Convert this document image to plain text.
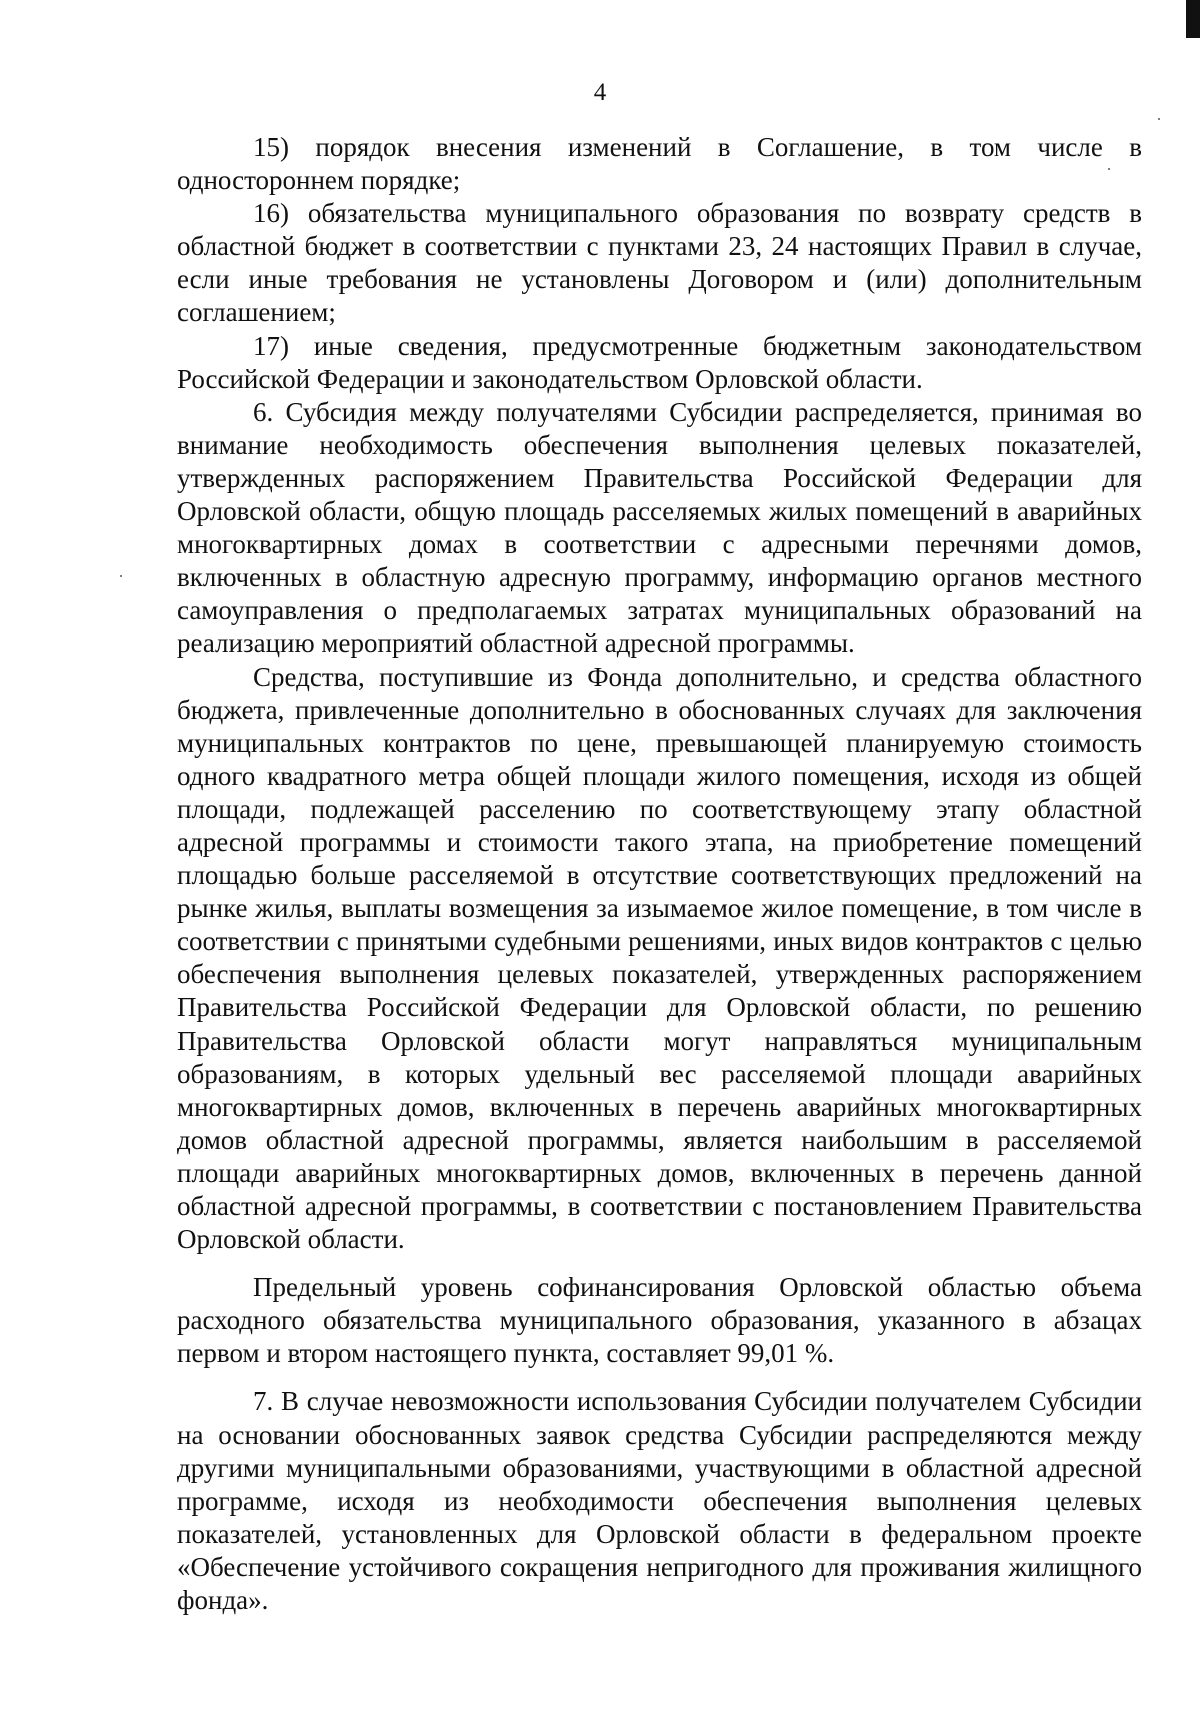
4

15) порядок внесения изменений в Соглашение, в том числе в одностороннем порядке;

16) обязательства муниципального образования по возврату средств в областной бюджет в соответствии с пунктами 23, 24 настоящих Правил в случае, если иные требования не установлены Договором и (или) дополнительным соглашением;

17) иные сведения, предусмотренные бюджетным законодательством Российской Федерации и законодательством Орловской области.

6. Субсидия между получателями Субсидии распределяется, принимая во внимание необходимость обеспечения выполнения целевых показателей, утвержденных распоряжением Правительства Российской Федерации для Орловской области, общую площадь расселяемых жилых помещений в аварийных многоквартирных домах в соответствии с адресными перечнями домов, включенных в областную адресную программу, информацию органов местного самоуправления о предполагаемых затратах муниципальных образований на реализацию мероприятий областной адресной программы.

Средства, поступившие из Фонда дополнительно, и средства областного бюджета, привлеченные дополнительно в обоснованных случаях для заключения муниципальных контрактов по цене, превышающей планируемую стоимость одного квадратного метра общей площади жилого помещения, исходя из общей площади, подлежащей расселению по соответствующему этапу областной адресной программы и стоимости такого этапа, на приобретение помещений площадью больше расселяемой в отсутствие соответствующих предложений на рынке жилья, выплаты возмещения за изымаемое жилое помещение, в том числе в соответствии с принятыми судебными решениями, иных видов контрактов с целью обеспечения выполнения целевых показателей, утвержденных распоряжением Правительства Российской Федерации для Орловской области, по решению Правительства Орловской области могут направляться муниципальным образованиям, в которых удельный вес расселяемой площади аварийных многоквартирных домов, включенных в перечень аварийных многоквартирных домов областной адресной программы, является наибольшим в расселяемой площади аварийных многоквартирных домов, включенных в перечень данной областной адресной программы, в соответствии с постановлением Правительства Орловской области.

Предельный уровень софинансирования Орловской областью объема расходного обязательства муниципального образования, указанного в абзацах первом и втором настоящего пункта, составляет 99,01 %.

7. В случае невозможности использования Субсидии получателем Субсидии на основании обоснованных заявок средства Субсидии распределяются между другими муниципальными образованиями, участвующими в областной адресной программе, исходя из необходимости обеспечения выполнения целевых показателей, установленных для Орловской области в федеральном проекте «Обеспечение устойчивого сокращения непригодного для проживания жилищного фонда».
